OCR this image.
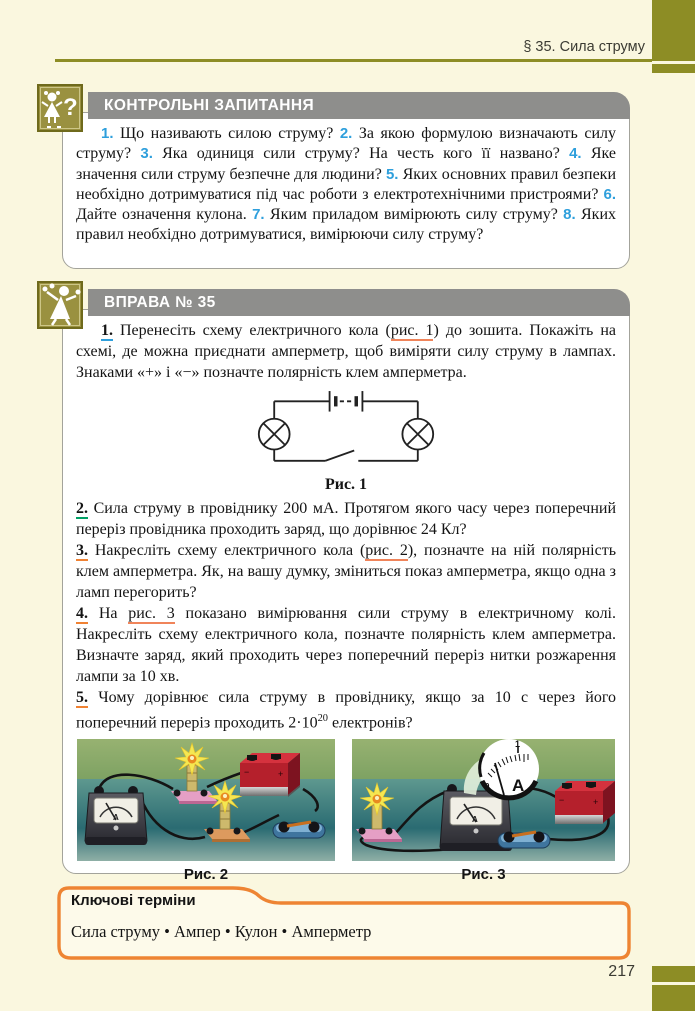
§ 35. Сила струму
?	КОНТРОЛЬНІ ЗАПИТАННЯ

1. Що називають силою струму? 2. За якою формулою визначають силу струму? 3. Яка одиниця сили струму? На честь кого її названо? 4. Яке значення сили струму безпечне для людини? 5. Яких основних правил безпеки необхідно дотримуватися під час роботи з електротехнічними пристроями? 6. Дайте означення кулона. 7. Яким приладом вимірюють силу струму? 8. Яких правил необхідно дотримуватися, вимірюючи силу струму?

ВПРАВА № 35

1. Перенесіть схему електричного кола (рис. 1) до зошита. Покажіть на схемі, де можна приєднати амперметр, щоб виміряти силу струму в лампах. Знаками «+» і «−» позначте полярність клем амперметра.

Рис. 1

2. Сила струму в провіднику 200 мА. Протягом якого часу через поперечний переріз провідника проходить заряд, що дорівнює 24 Кл?

3. Накресліть схему електричного кола (рис. 2), позначте на ній полярність клем амперметра. Як, на вашу думку, зміниться показ амперметра, якщо одна з ламп перегорить?

4. На рис. 3 показано вимірювання сили струму в електричному колі. Накресліть схему електричного кола, позначте полярність клем амперметра. Визначте заряд, який проходить через поперечний переріз нитки розжарення лампи за 10 хв.

5. Чому дорівнює сила струму в провіднику, якщо за 10 с через його поперечний переріз проходить $2\cdot 10^{20}$ електронів?

A
−	+
Рис. 2
A
1
0 A
−	+
Рис. 3
Ключові терміни
Сила струму • Ампер • Кулон • Амперметр
217
